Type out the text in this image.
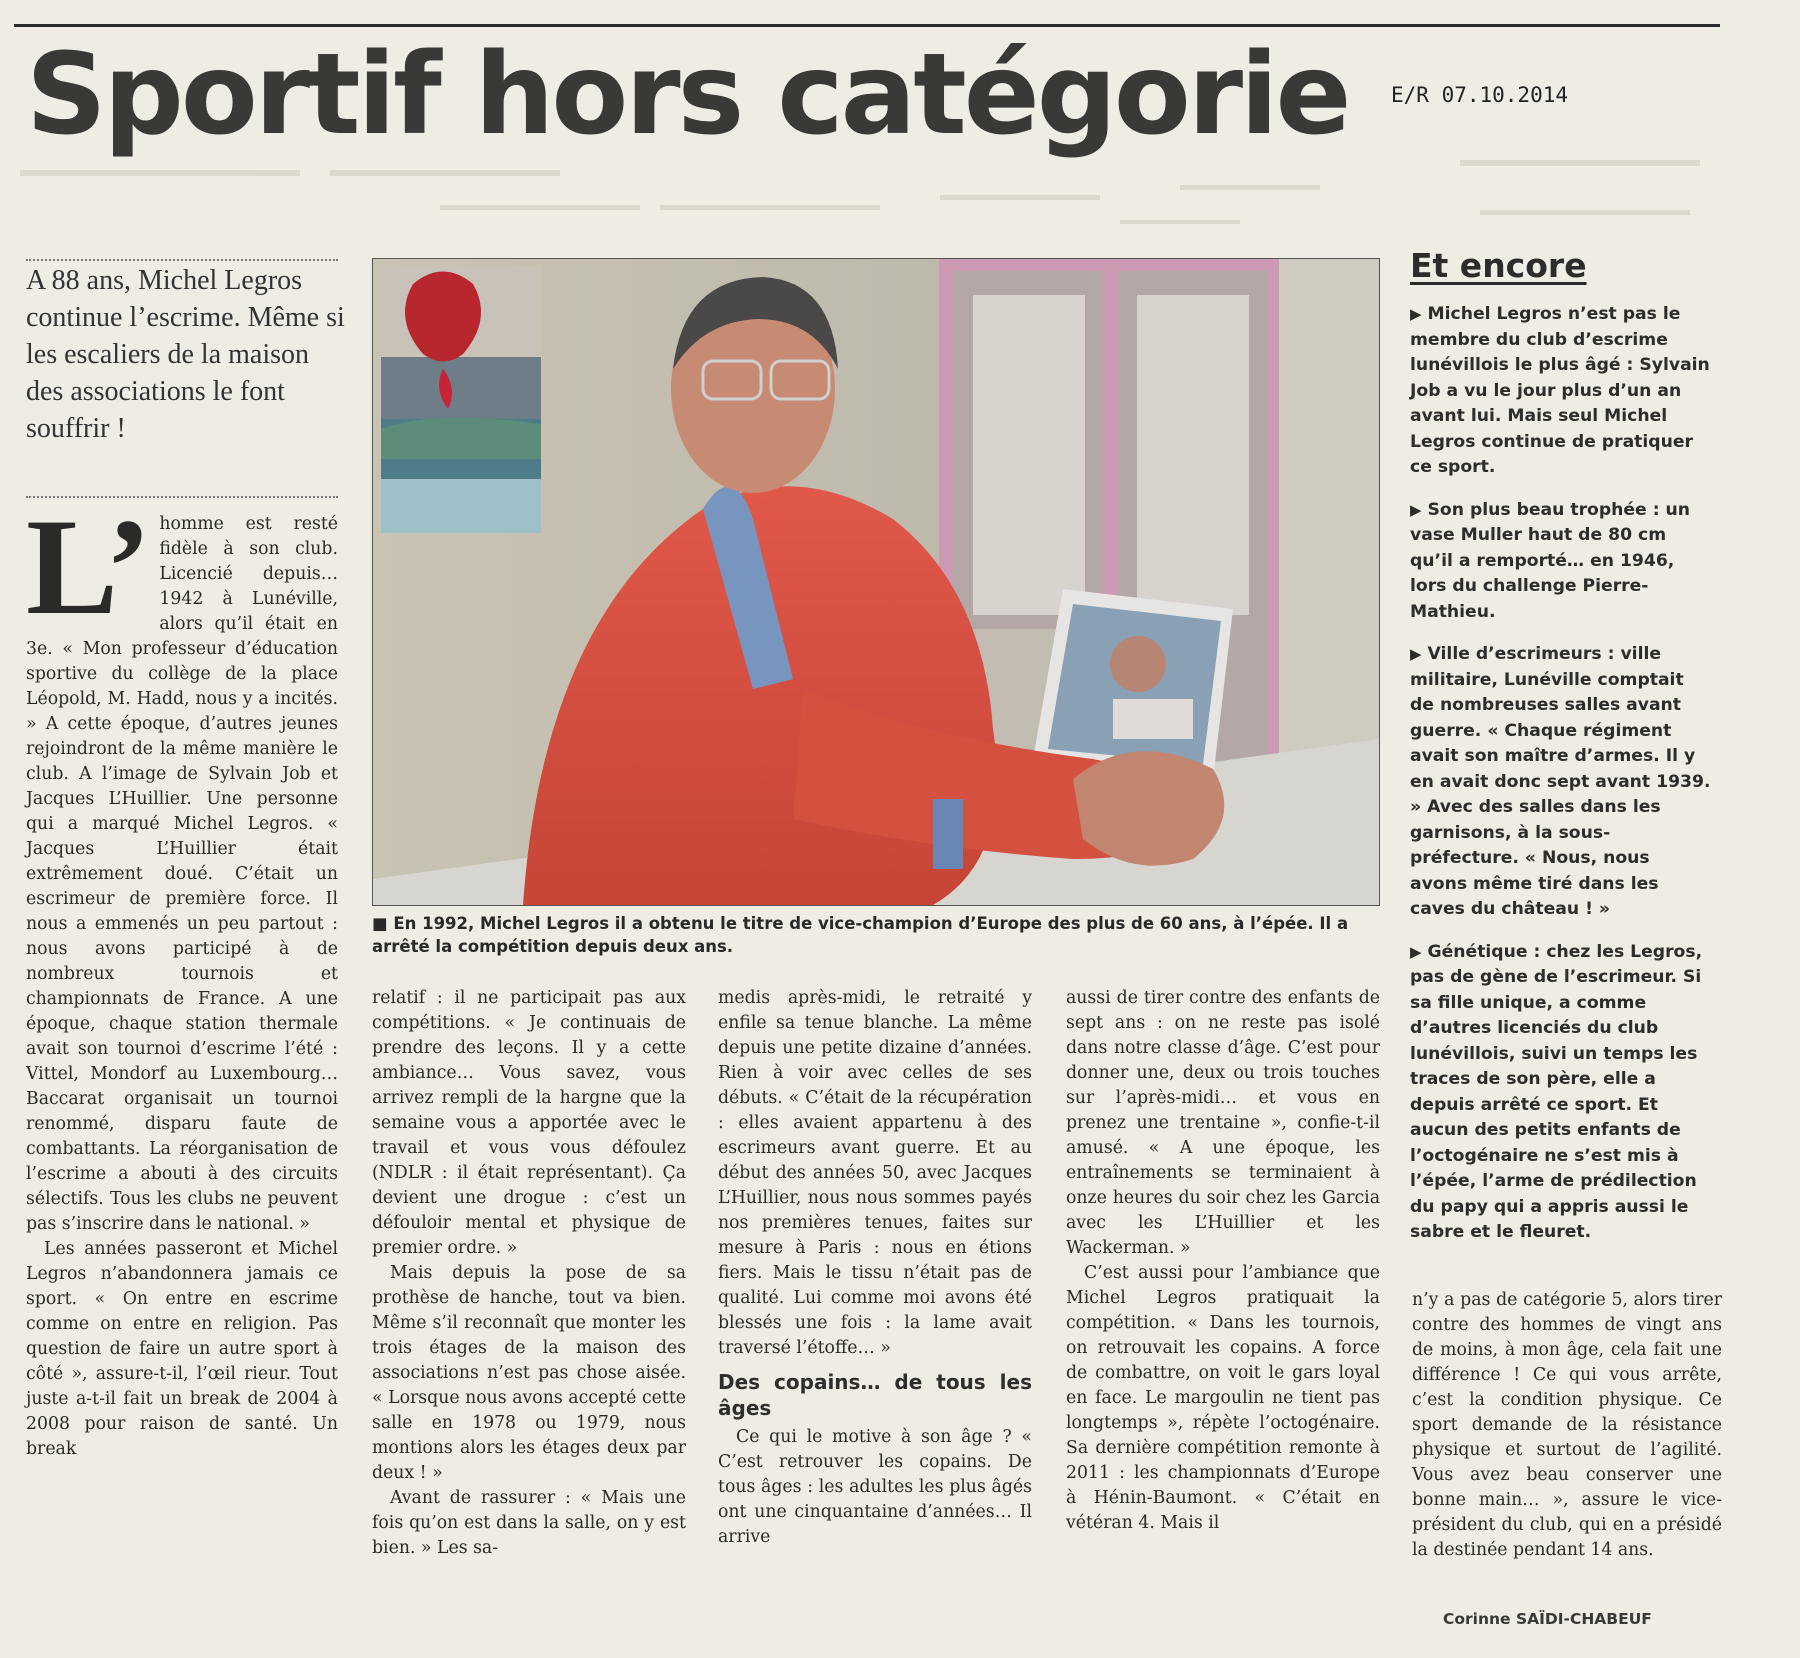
Sportif hors catégorie E/R 07.10.2014
A 88 ans, Michel Legros continue l’escrime. Même si les escaliers de la maison des associations le font souffrir !
■ En 1992, Michel Legros il a obtenu le titre de vice-champion d’Europe des plus de 60 ans, à l’épée. Il a arrêté la compétition depuis deux ans.

L’ homme est resté fidèle à son club. Licencié depuis… 1942 à Lunéville, alors qu’il était en 3e. « Mon professeur d’éducation sportive du collège de la place Léopold, M. Hadd, nous y a incités. » A cette époque, d’autres jeunes rejoindront de la même manière le club. A l’image de Sylvain Job et Jacques L’Huillier. Une personne qui a marqué Michel Legros. « Jacques L’Huillier était extrêmement doué. C’était un escrimeur de première force. Il nous a emmenés un peu partout : nous avons participé à de nombreux tournois et championnats de France. A une époque, chaque station thermale avait son tournoi d’escrime l’été : Vittel, Mondorf au Luxembourg… Baccarat organisait un tournoi renommé, disparu faute de combattants. La réorganisation de l’escrime a abouti à des circuits sélectifs. Tous les clubs ne peuvent pas s’inscrire dans le national. »

Les années passeront et Michel Legros n’abandonnera jamais ce sport. « On entre en escrime comme on entre en religion. Pas question de faire un autre sport à côté », assure-t-il, l’œil rieur. Tout juste a-t-il fait un break de 2004 à 2008 pour raison de santé. Un break

relatif : il ne participait pas aux compétitions. « Je continuais de prendre des leçons. Il y a cette ambiance… Vous savez, vous arrivez rempli de la hargne que la semaine vous a apportée avec le travail et vous vous défoulez (NDLR : il était représentant). Ça devient une drogue : c’est un défouloir mental et physique de premier ordre. »

Mais depuis la pose de sa prothèse de hanche, tout va bien. Même s’il reconnaît que monter les trois étages de la maison des associations n’est pas chose aisée. « Lorsque nous avons accepté cette salle en 1978 ou 1979, nous montions alors les étages deux par deux ! »

Avant de rassurer : « Mais une fois qu’on est dans la salle, on y est bien. » Les sa-

medis après-midi, le retraité y enfile sa tenue blanche. La même depuis une petite dizaine d’années. Rien à voir avec celles de ses débuts. « C’était de la récupération : elles avaient appartenu à des escrimeurs avant guerre. Et au début des années 50, avec Jacques L’Huillier, nous nous sommes payés nos premières tenues, faites sur mesure à Paris : nous en étions fiers. Mais le tissu n’était pas de qualité. Lui comme moi avons été blessés une fois : la lame avait traversé l’étoffe… »

Des copains… de tous les âges

Ce qui le motive à son âge ? « C’est retrouver les copains. De tous âges : les adultes les plus âgés ont une cinquantaine d’années… Il arrive

aussi de tirer contre des enfants de sept ans : on ne reste pas isolé dans notre classe d’âge. C’est pour donner une, deux ou trois touches sur l’après-midi… et vous en prenez une trentaine », confie-t-il amusé. « A une époque, les entraînements se terminaient à onze heures du soir chez les Garcia avec les L’Huillier et les Wackerman. »

C’est aussi pour l’ambiance que Michel Legros pratiquait la compétition. « Dans les tournois, on retrouvait les copains. A force de combattre, on voit le gars loyal en face. Le margoulin ne tient pas longtemps », répète l’octogénaire. Sa dernière compétition remonte à 2011 : les championnats d’Europe à Hénin-Baumont. « C’était en vétéran 4. Mais il

Et encore

▶ Michel Legros n’est pas le membre du club d’escrime lunévillois le plus âgé : Sylvain Job a vu le jour plus d’un an avant lui. Mais seul Michel Legros continue de pratiquer ce sport.

▶ Son plus beau trophée : un vase Muller haut de 80 cm qu’il a remporté… en 1946, lors du challenge Pierre-Mathieu.

▶ Ville d’escrimeurs : ville militaire, Lunéville comptait de nombreuses salles avant guerre. « Chaque régiment avait son maître d’armes. Il y en avait donc sept avant 1939. » Avec des salles dans les garnisons, à la sous-préfecture. « Nous, nous avons même tiré dans les caves du château ! »

▶ Génétique : chez les Legros, pas de gène de l’escrimeur. Si sa fille unique, a comme d’autres licenciés du club lunévillois, suivi un temps les traces de son père, elle a depuis arrêté ce sport. Et aucun des petits enfants de l’octogénaire ne s’est mis à l’épée, l’arme de prédilection du papy qui a appris aussi le sabre et le fleuret.

n’y a pas de catégorie 5, alors tirer contre des hommes de vingt ans de moins, à mon âge, cela fait une différence ! Ce qui vous arrête, c’est la condition physique. Ce sport demande de la résistance physique et surtout de l’agilité. Vous avez beau conserver une bonne main… », assure le vice-président du club, qui en a présidé la destinée pendant 14 ans.

Corinne SAÏDI-CHABEUF
